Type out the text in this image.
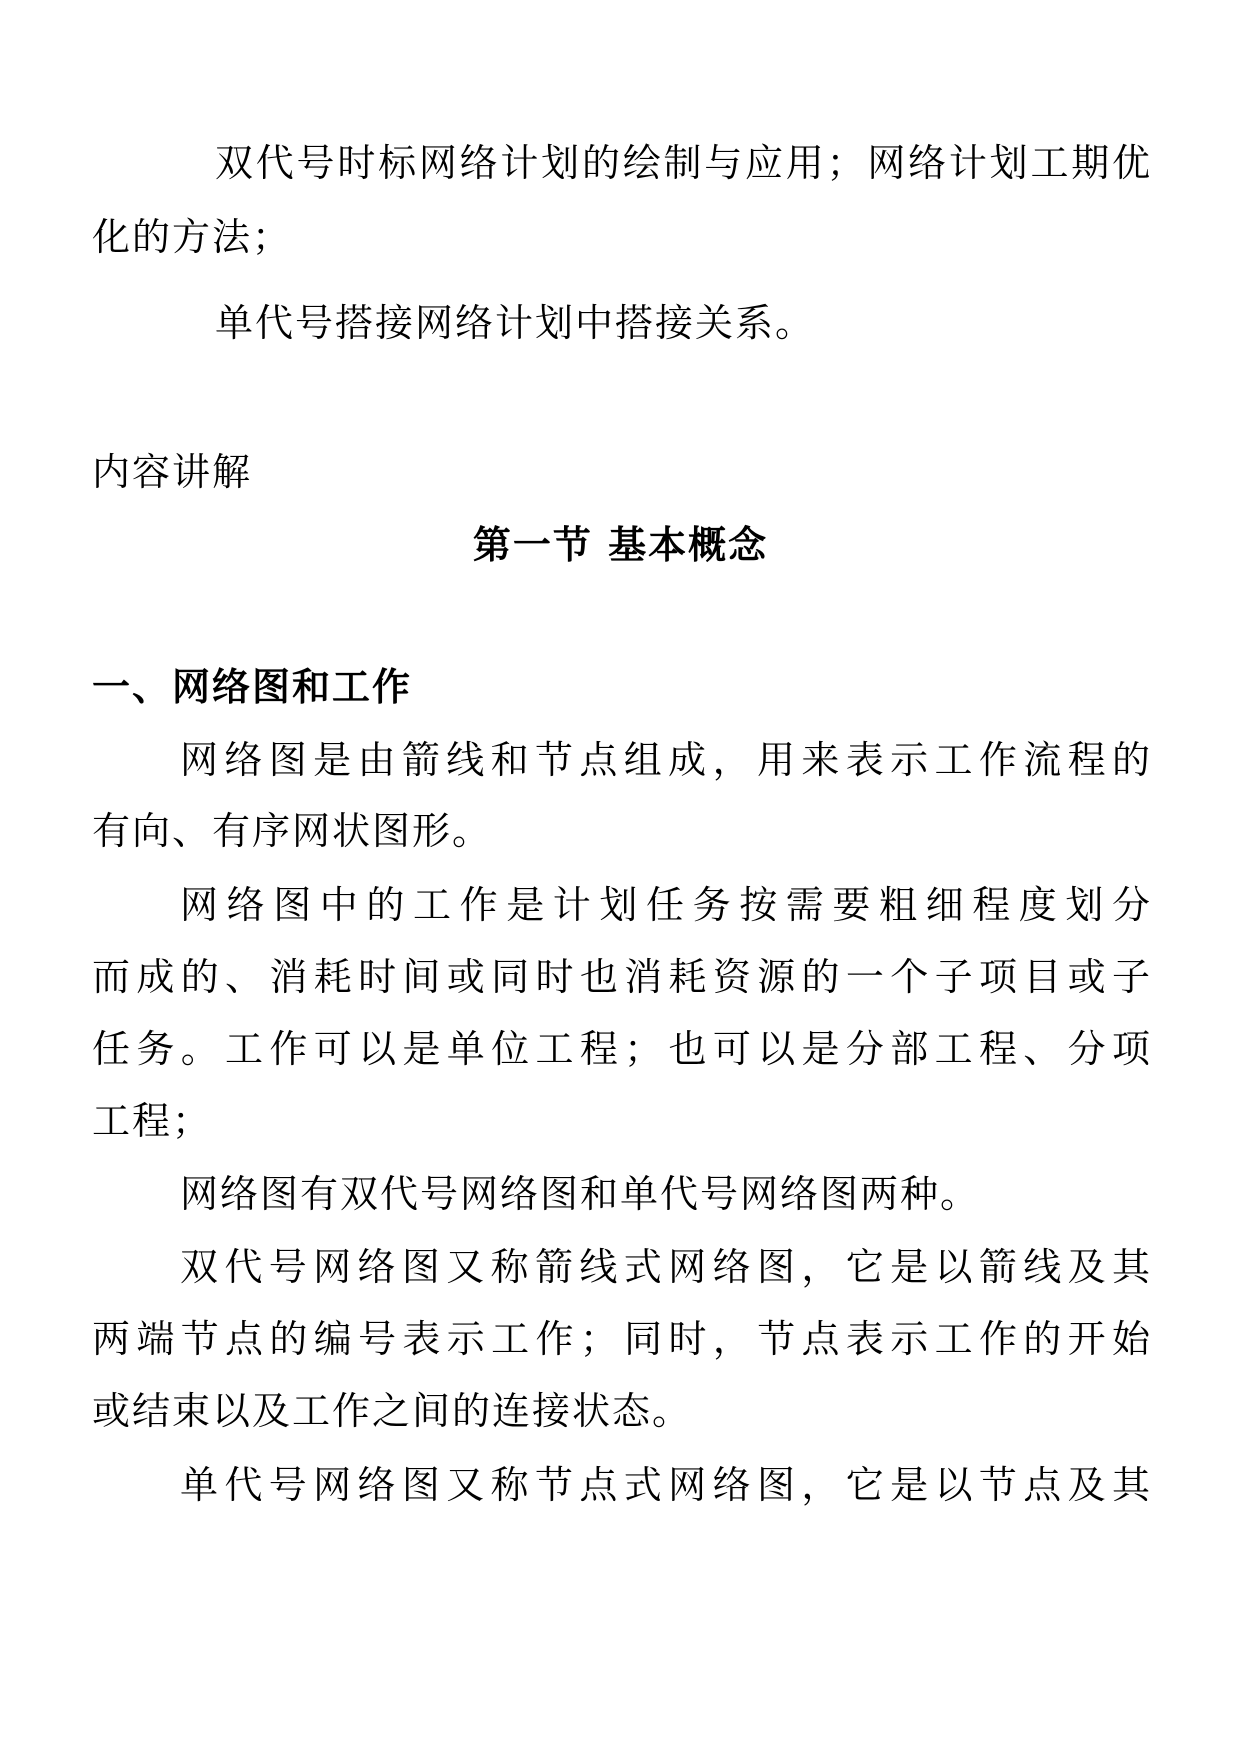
双代号时标网络计划的绘制与应用；网络计划工期优
化的方法；
单代号搭接网络计划中搭接关系。
内容讲解
第一节 基本概念
一、网络图和工作
网络图是由箭线和节点组成，用来表示工作流程的
有向、有序网状图形。
网络图中的工作是计划任务按需要粗细程度划分
而成的、消耗时间或同时也消耗资源的一个子项目或子
任务。工作可以是单位工程；也可以是分部工程、分项
工程；
网络图有双代号网络图和单代号网络图两种。
双代号网络图又称箭线式网络图，它是以箭线及其
两端节点的编号表示工作；同时，节点表示工作的开始
或结束以及工作之间的连接状态。
单代号网络图又称节点式网络图，它是以节点及其
